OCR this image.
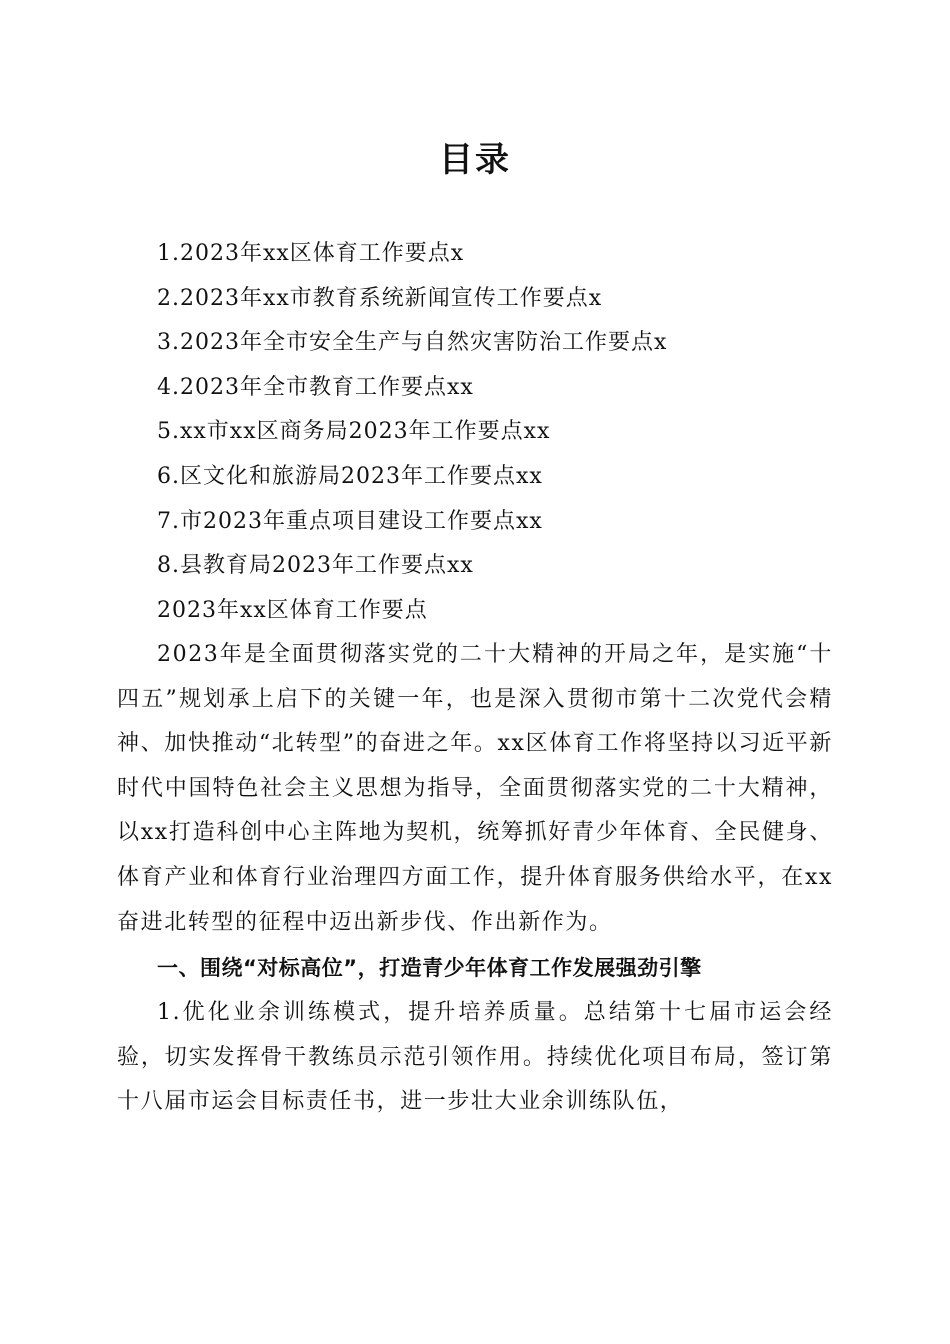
目录
1.2023年xx区体育工作要点x
2.2023年xx市教育系统新闻宣传工作要点x
3.2023年全市安全生产与自然灾害防治工作要点x
4.2023年全市教育工作要点xx
5.xx市xx区商务局2023年工作要点xx
6.区文化和旅游局2023年工作要点xx
7.市2023年重点项目建设工作要点xx
8.县教育局2023年工作要点xx
2023年xx区体育工作要点

2023年是全面贯彻落实党的二十大精神的开局之年，是实施“十四五”规划承上启下的关键一年，也是深入贯彻市第十二次党代会精神、加快推动“北转型”的奋进之年。xx区体育工作将坚持以习近平新时代中国特色社会主义思想为指导，全面贯彻落实党的二十大精神，以xx打造科创中心主阵地为契机，统筹抓好青少年体育、全民健身、体育产业和体育行业治理四方面工作，提升体育服务供给水平，在xx奋进北转型的征程中迈出新步伐、作出新作为。

一、围绕“对标高位”，打造青少年体育工作发展强劲引擎

1.优化业余训练模式，提升培养质量。总结第十七届市运会经验，切实发挥骨干教练员示范引领作用。持续优化项目布局，签订第十八届市运会目标责任书，进一步壮大业余训练队伍，
